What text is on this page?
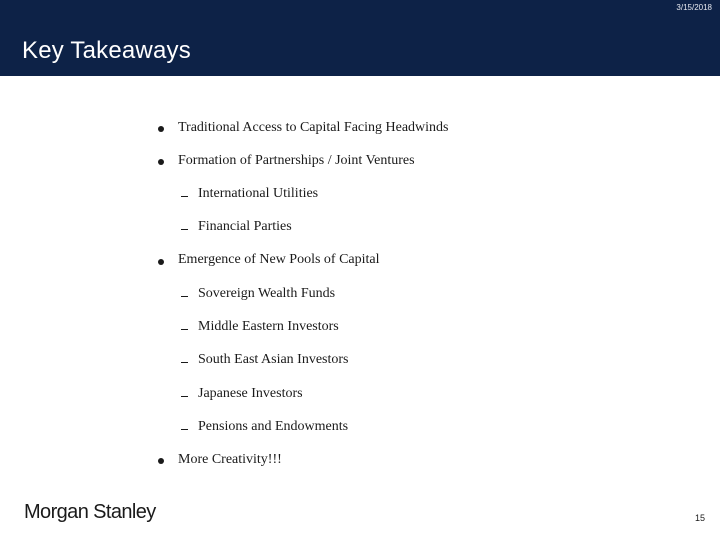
3/15/2018
Key Takeaways
Traditional Access to Capital Facing Headwinds
Formation of Partnerships / Joint Ventures
International Utilities
Financial Parties
Emergence of New Pools of Capital
Sovereign Wealth Funds
Middle Eastern Investors
South East Asian Investors
Japanese Investors
Pensions and Endowments
More Creativity!!!
Morgan Stanley	15
